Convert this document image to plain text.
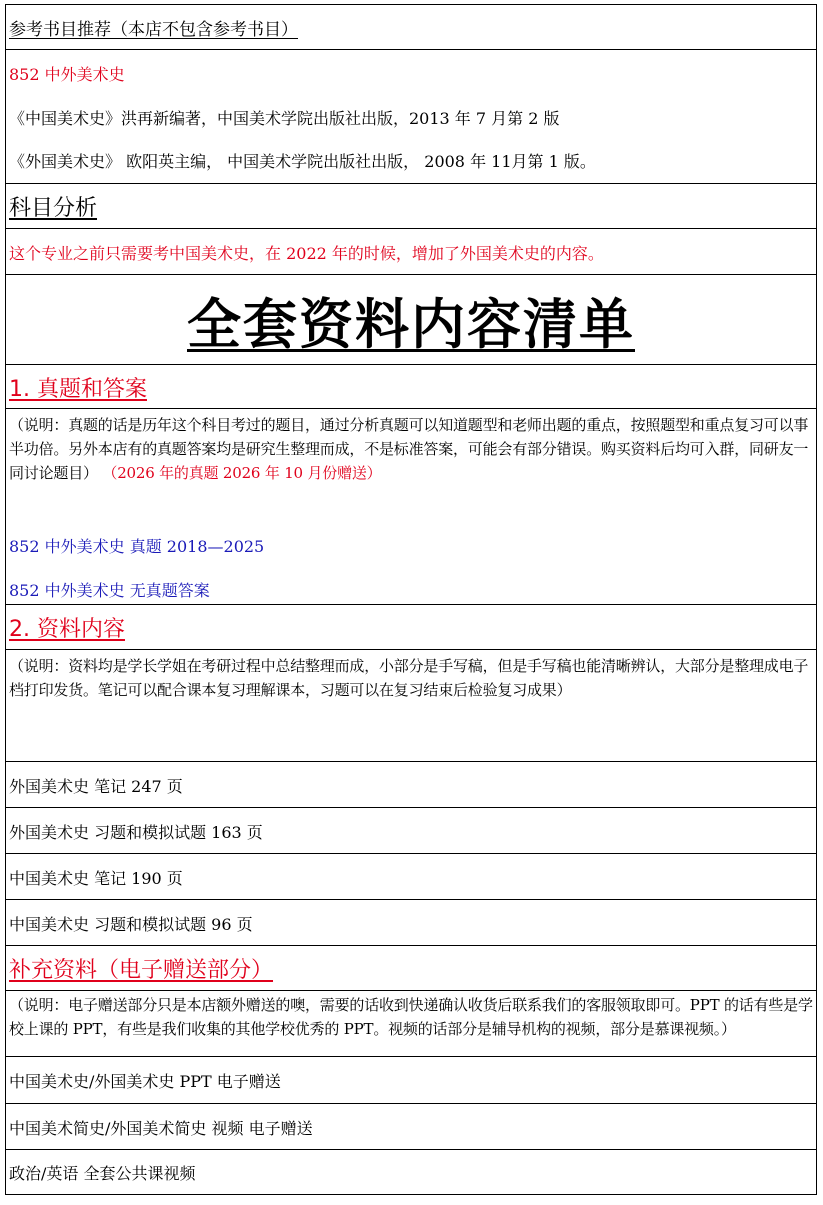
参考书目推荐（本店不包含参考书目）
852 中外美术史
《中国美术史》洪再新编著，中国美术学院出版社出版，2013 年 7 月第 2 版
《外国美术史》 欧阳英主编， 中国美术学院出版社出版， 2008 年 11月第 1 版。
科目分析
这个专业之前只需要考中国美术史，在 2022 年的时候，增加了外国美术史的内容。
全套资料内容清单
1. 真题和答案
（说明：真题的话是历年这个科目考过的题目，通过分析真题可以知道题型和老师出题的重点，按照题型和重点复习可以事半功倍。另外本店有的真题答案均是研究生整理而成，不是标准答案，可能会有部分错误。购买资料后均可入群，同研友一同讨论题目） （2026 年的真题 2026 年 10 月份赠送）
852 中外美术史 真题 2018—2025
852 中外美术史 无真题答案
2. 资料内容
（说明：资料均是学长学姐在考研过程中总结整理而成，小部分是手写稿，但是手写稿也能清晰辨认，大部分是整理成电子档打印发货。笔记可以配合课本复习理解课本，习题可以在复习结束后检验复习成果）
外国美术史 笔记 247 页
外国美术史 习题和模拟试题 163 页
中国美术史 笔记 190 页
中国美术史 习题和模拟试题 96 页
补充资料（电子赠送部分）
（说明：电子赠送部分只是本店额外赠送的噢，需要的话收到快递确认收货后联系我们的客服领取即可。PPT 的话有些是学校上课的 PPT，有些是我们收集的其他学校优秀的 PPT。视频的话部分是辅导机构的视频，部分是慕课视频。）
中国美术史/外国美术史 PPT 电子赠送
中国美术简史/外国美术简史 视频 电子赠送
政治/英语 全套公共课视频
